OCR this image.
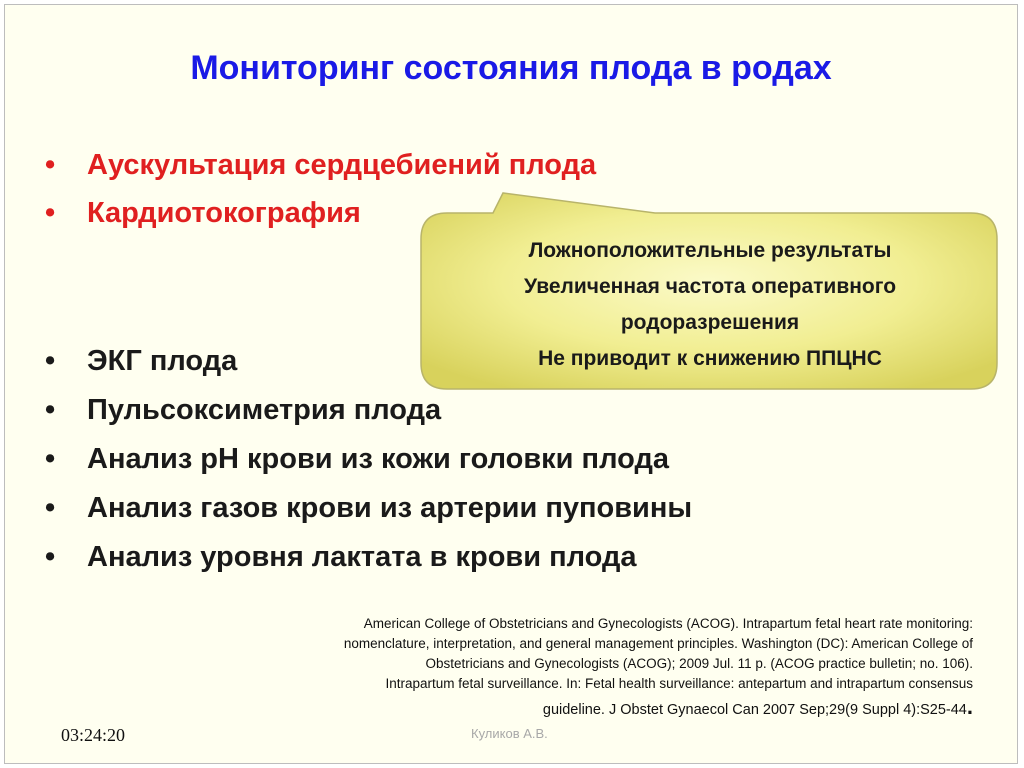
Мониторинг состояния плода в родах
• Аускультация сердцебиений плода
• Кардиотокография
• ЭКГ плода
• Пульсоксиметрия плода
• Анализ pH крови из кожи головки плода
• Анализ газов крови из артерии пуповины
• Анализ уровня лактата в крови плода
Ложноположительные результаты
Увеличенная частота оперативного
родоразрешения
Не приводит к снижению ППЦНС
American College of Obstetricians and Gynecologists (ACOG). Intrapartum fetal heart rate monitoring:
nomenclature, interpretation, and general management principles. Washington (DC): American College of
Obstetricians and Gynecologists (ACOG); 2009 Jul. 11 p. (ACOG practice bulletin; no. 106).
Intrapartum fetal surveillance. In: Fetal health surveillance: antepartum and intrapartum consensus
guideline. J Obstet Gynaecol Can 2007 Sep;29(9 Suppl 4):S25-44.
03:24:20	Куликов А.В.
